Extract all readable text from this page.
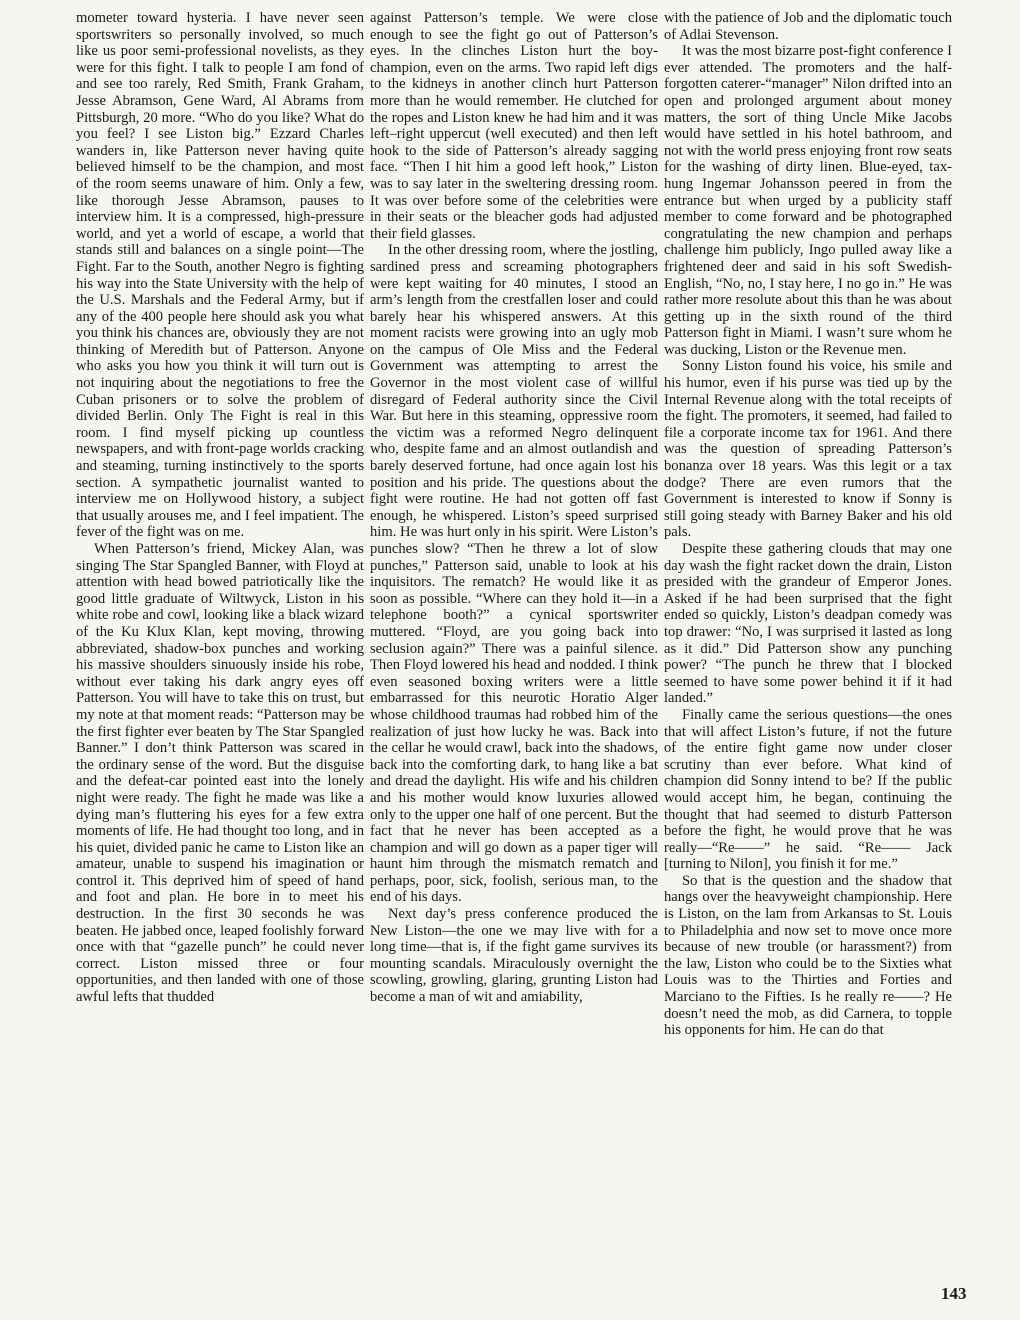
mometer toward hysteria. I have never seen sportswriters so personally involved, so much like us poor semi-professional novelists, as they were for this fight. I talk to people I am fond of and see too rarely, Red Smith, Frank Graham, Jesse Abramson, Gene Ward, Al Abrams from Pittsburgh, 20 more. “Who do you like? What do you feel? I see Liston big.” Ezzard Charles wanders in, like Patterson never having quite believed himself to be the champion, and most of the room seems unaware of him. Only a few, like thorough Jesse Abramson, pauses to interview him. It is a compressed, high-pressure world, and yet a world of escape, a world that stands still and balances on a single point—The Fight. Far to the South, another Negro is fighting his way into the State University with the help of the U.S. Marshals and the Federal Army, but if any of the 400 people here should ask you what you think his chances are, obviously they are not thinking of Meredith but of Patterson. Anyone who asks you how you think it will turn out is not inquiring about the negotiations to free the Cuban prisoners or to solve the problem of divided Berlin. Only The Fight is real in this room. I find myself picking up countless newspapers, and with front-page worlds cracking and steaming, turning instinctively to the sports section. A sympathetic journalist wanted to interview me on Hollywood history, a subject that usually arouses me, and I feel impatient. The fever of the fight was on me.

When Patterson’s friend, Mickey Alan, was singing The Star Spangled Banner, with Floyd at attention with head bowed patriotically like the good little graduate of Wiltwyck, Liston in his white robe and cowl, looking like a black wizard of the Ku Klux Klan, kept moving, throwing abbreviated, shadow-box punches and working his massive shoulders sinuously inside his robe, without ever taking his dark angry eyes off Patterson. You will have to take this on trust, but my note at that moment reads: “Patterson may be the first fighter ever beaten by The Star Spangled Banner.” I don’t think Patterson was scared in the ordinary sense of the word. But the disguise and the defeat-car pointed east into the lonely night were ready. The fight he made was like a dying man’s fluttering his eyes for a few extra moments of life. He had thought too long, and in his quiet, divided panic he came to Liston like an amateur, unable to suspend his imagination or control it. This deprived him of speed of hand and foot and plan. He bore in to meet his destruction. In the first 30 seconds he was beaten. He jabbed once, leaped foolishly forward once with that “gazelle punch” he could never correct. Liston missed three or four opportunities, and then landed with one of those awful lefts that thudded

against Patterson’s temple. We were close enough to see the fight go out of Patterson’s eyes. In the clinches Liston hurt the boy-champion, even on the arms. Two rapid left digs to the kidneys in another clinch hurt Patterson more than he would remember. He clutched for the ropes and Liston knew he had him and it was left–right uppercut (well executed) and then left hook to the side of Patterson’s already sagging face. “Then I hit him a good left hook,” Liston was to say later in the sweltering dressing room. It was over before some of the celebrities were in their seats or the bleacher gods had adjusted their field glasses.

In the other dressing room, where the jostling, sardined press and screaming photographers were kept waiting for 40 minutes, I stood an arm’s length from the crestfallen loser and could barely hear his whispered answers. At this moment racists were growing into an ugly mob on the campus of Ole Miss and the Federal Government was attempting to arrest the Governor in the most violent case of willful disregard of Federal authority since the Civil War. But here in this steaming, oppressive room the victim was a reformed Negro delinquent who, despite fame and an almost outlandish and barely deserved fortune, had once again lost his position and his pride. The questions about the fight were routine. He had not gotten off fast enough, he whispered. Liston’s speed surprised him. He was hurt only in his spirit. Were Liston’s punches slow? “Then he threw a lot of slow punches,” Patterson said, unable to look at his inquisitors. The rematch? He would like it as soon as possible. “Where can they hold it—in a telephone booth?” a cynical sportswriter muttered. “Floyd, are you going back into seclusion again?” There was a painful silence. Then Floyd lowered his head and nodded. I think even seasoned boxing writers were a little embarrassed for this neurotic Horatio Alger whose childhood traumas had robbed him of the realization of just how lucky he was. Back into the cellar he would crawl, back into the shadows, back into the comforting dark, to hang like a bat and dread the daylight. His wife and his children and his mother would know luxuries allowed only to the upper one half of one percent. But the fact that he never has been accepted as a champion and will go down as a paper tiger will haunt him through the mismatch rematch and perhaps, poor, sick, foolish, serious man, to the end of his days.

Next day’s press conference produced the New Liston—the one we may live with for a long time—that is, if the fight game survives its mounting scandals. Miraculously overnight the scowling, growling, glaring, grunting Liston had become a man of wit and amiability,

with the patience of Job and the diplomatic touch of Adlai Stevenson.

It was the most bizarre post-fight conference I ever attended. The promoters and the half-forgotten caterer-“manager” Nilon drifted into an open and prolonged argument about money matters, the sort of thing Uncle Mike Jacobs would have settled in his hotel bathroom, and not with the world press enjoying front row seats for the washing of dirty linen. Blue-eyed, tax-hung Ingemar Johansson peered in from the entrance but when urged by a publicity staff member to come forward and be photographed congratulating the new champion and perhaps challenge him publicly, Ingo pulled away like a frightened deer and said in his soft Swedish-English, “No, no, I stay here, I no go in.” He was rather more resolute about this than he was about getting up in the sixth round of the third Patterson fight in Miami. I wasn’t sure whom he was ducking, Liston or the Revenue men.

Sonny Liston found his voice, his smile and his humor, even if his purse was tied up by the Internal Revenue along with the total receipts of the fight. The promoters, it seemed, had failed to file a corporate income tax for 1961. And there was the question of spreading Patterson’s bonanza over 18 years. Was this legit or a tax dodge? There are even rumors that the Government is interested to know if Sonny is still going steady with Barney Baker and his old pals.

Despite these gathering clouds that may one day wash the fight racket down the drain, Liston presided with the grandeur of Emperor Jones. Asked if he had been surprised that the fight ended so quickly, Liston’s deadpan comedy was top drawer: “No, I was surprised it lasted as long as it did.” Did Patterson show any punching power? “The punch he threw that I blocked seemed to have some power behind it if it had landed.”

Finally came the serious questions—the ones that will affect Liston’s future, if not the future of the entire fight game now under closer scrutiny than ever before. What kind of champion did Sonny intend to be? If the public would accept him, he began, continuing the thought that had seemed to disturb Patterson before the fight, he would prove that he was really—“Re——” he said. “Re—— Jack [turning to Nilon], you finish it for me.”

So that is the question and the shadow that hangs over the heavyweight championship. Here is Liston, on the lam from Arkansas to St. Louis to Philadelphia and now set to move once more because of new trouble (or harassment?) from the law, Liston who could be to the Sixties what Louis was to the Thirties and Forties and Marciano to the Fifties. Is he really re——? He doesn’t need the mob, as did Carnera, to topple his opponents for him. He can do that

143
